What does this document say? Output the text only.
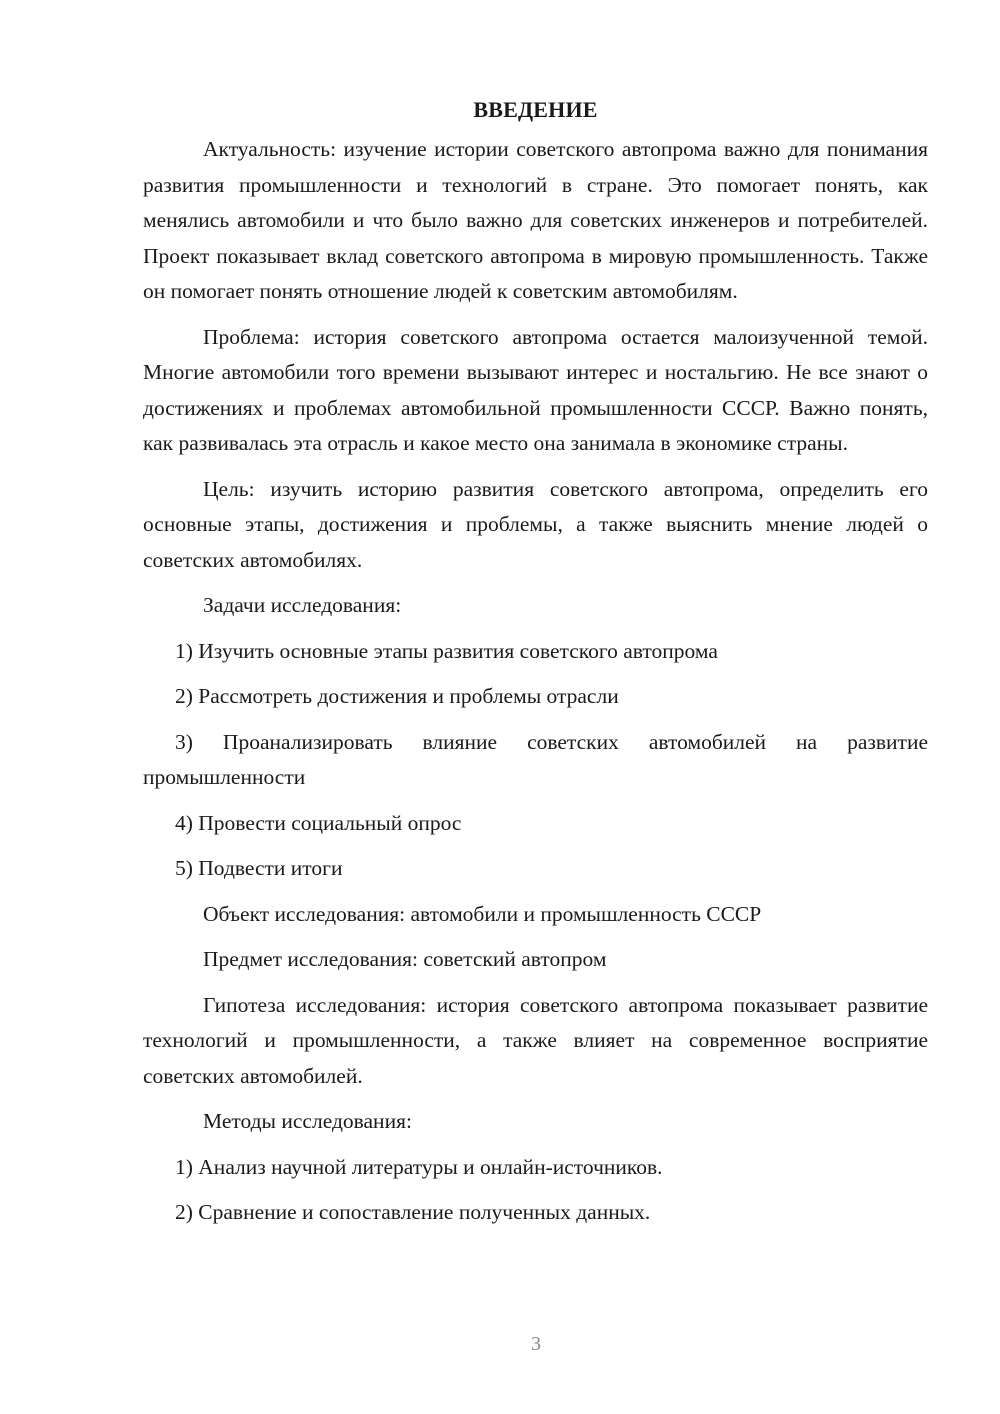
ВВЕДЕНИЕ

Актуальность: изучение истории советского автопрома важно для понимания развития промышленности и технологий в стране. Это помогает понять, как менялись автомобили и что было важно для советских инженеров и потребителей. Проект показывает вклад советского автопрома в мировую промышленность. Также он помогает понять отношение людей к советским автомобилям.

Проблема: история советского автопрома остается малоизученной темой. Многие автомобили того времени вызывают интерес и ностальгию. Не все знают о достижениях и проблемах автомобильной промышленности СССР. Важно понять, как развивалась эта отрасль и какое место она занимала в экономике страны.

Цель: изучить историю развития советского автопрома, определить его основные этапы, достижения и проблемы, а также выяснить мнение людей о советских автомобилях.

Задачи исследования:

1) Изучить основные этапы развития советского автопрома

2) Рассмотреть достижения и проблемы отрасли

3) Проанализировать влияние советских автомобилей на развитие промышленности

4) Провести социальный опрос

5) Подвести итоги

Объект исследования: автомобили и промышленность СССР

Предмет исследования: советский автопром

Гипотеза исследования: история советского автопрома показывает развитие технологий и промышленности, а также влияет на современное восприятие советских автомобилей.

Методы исследования:

1) Анализ научной литературы и онлайн-источников.

2) Сравнение и сопоставление полученных данных.

3
